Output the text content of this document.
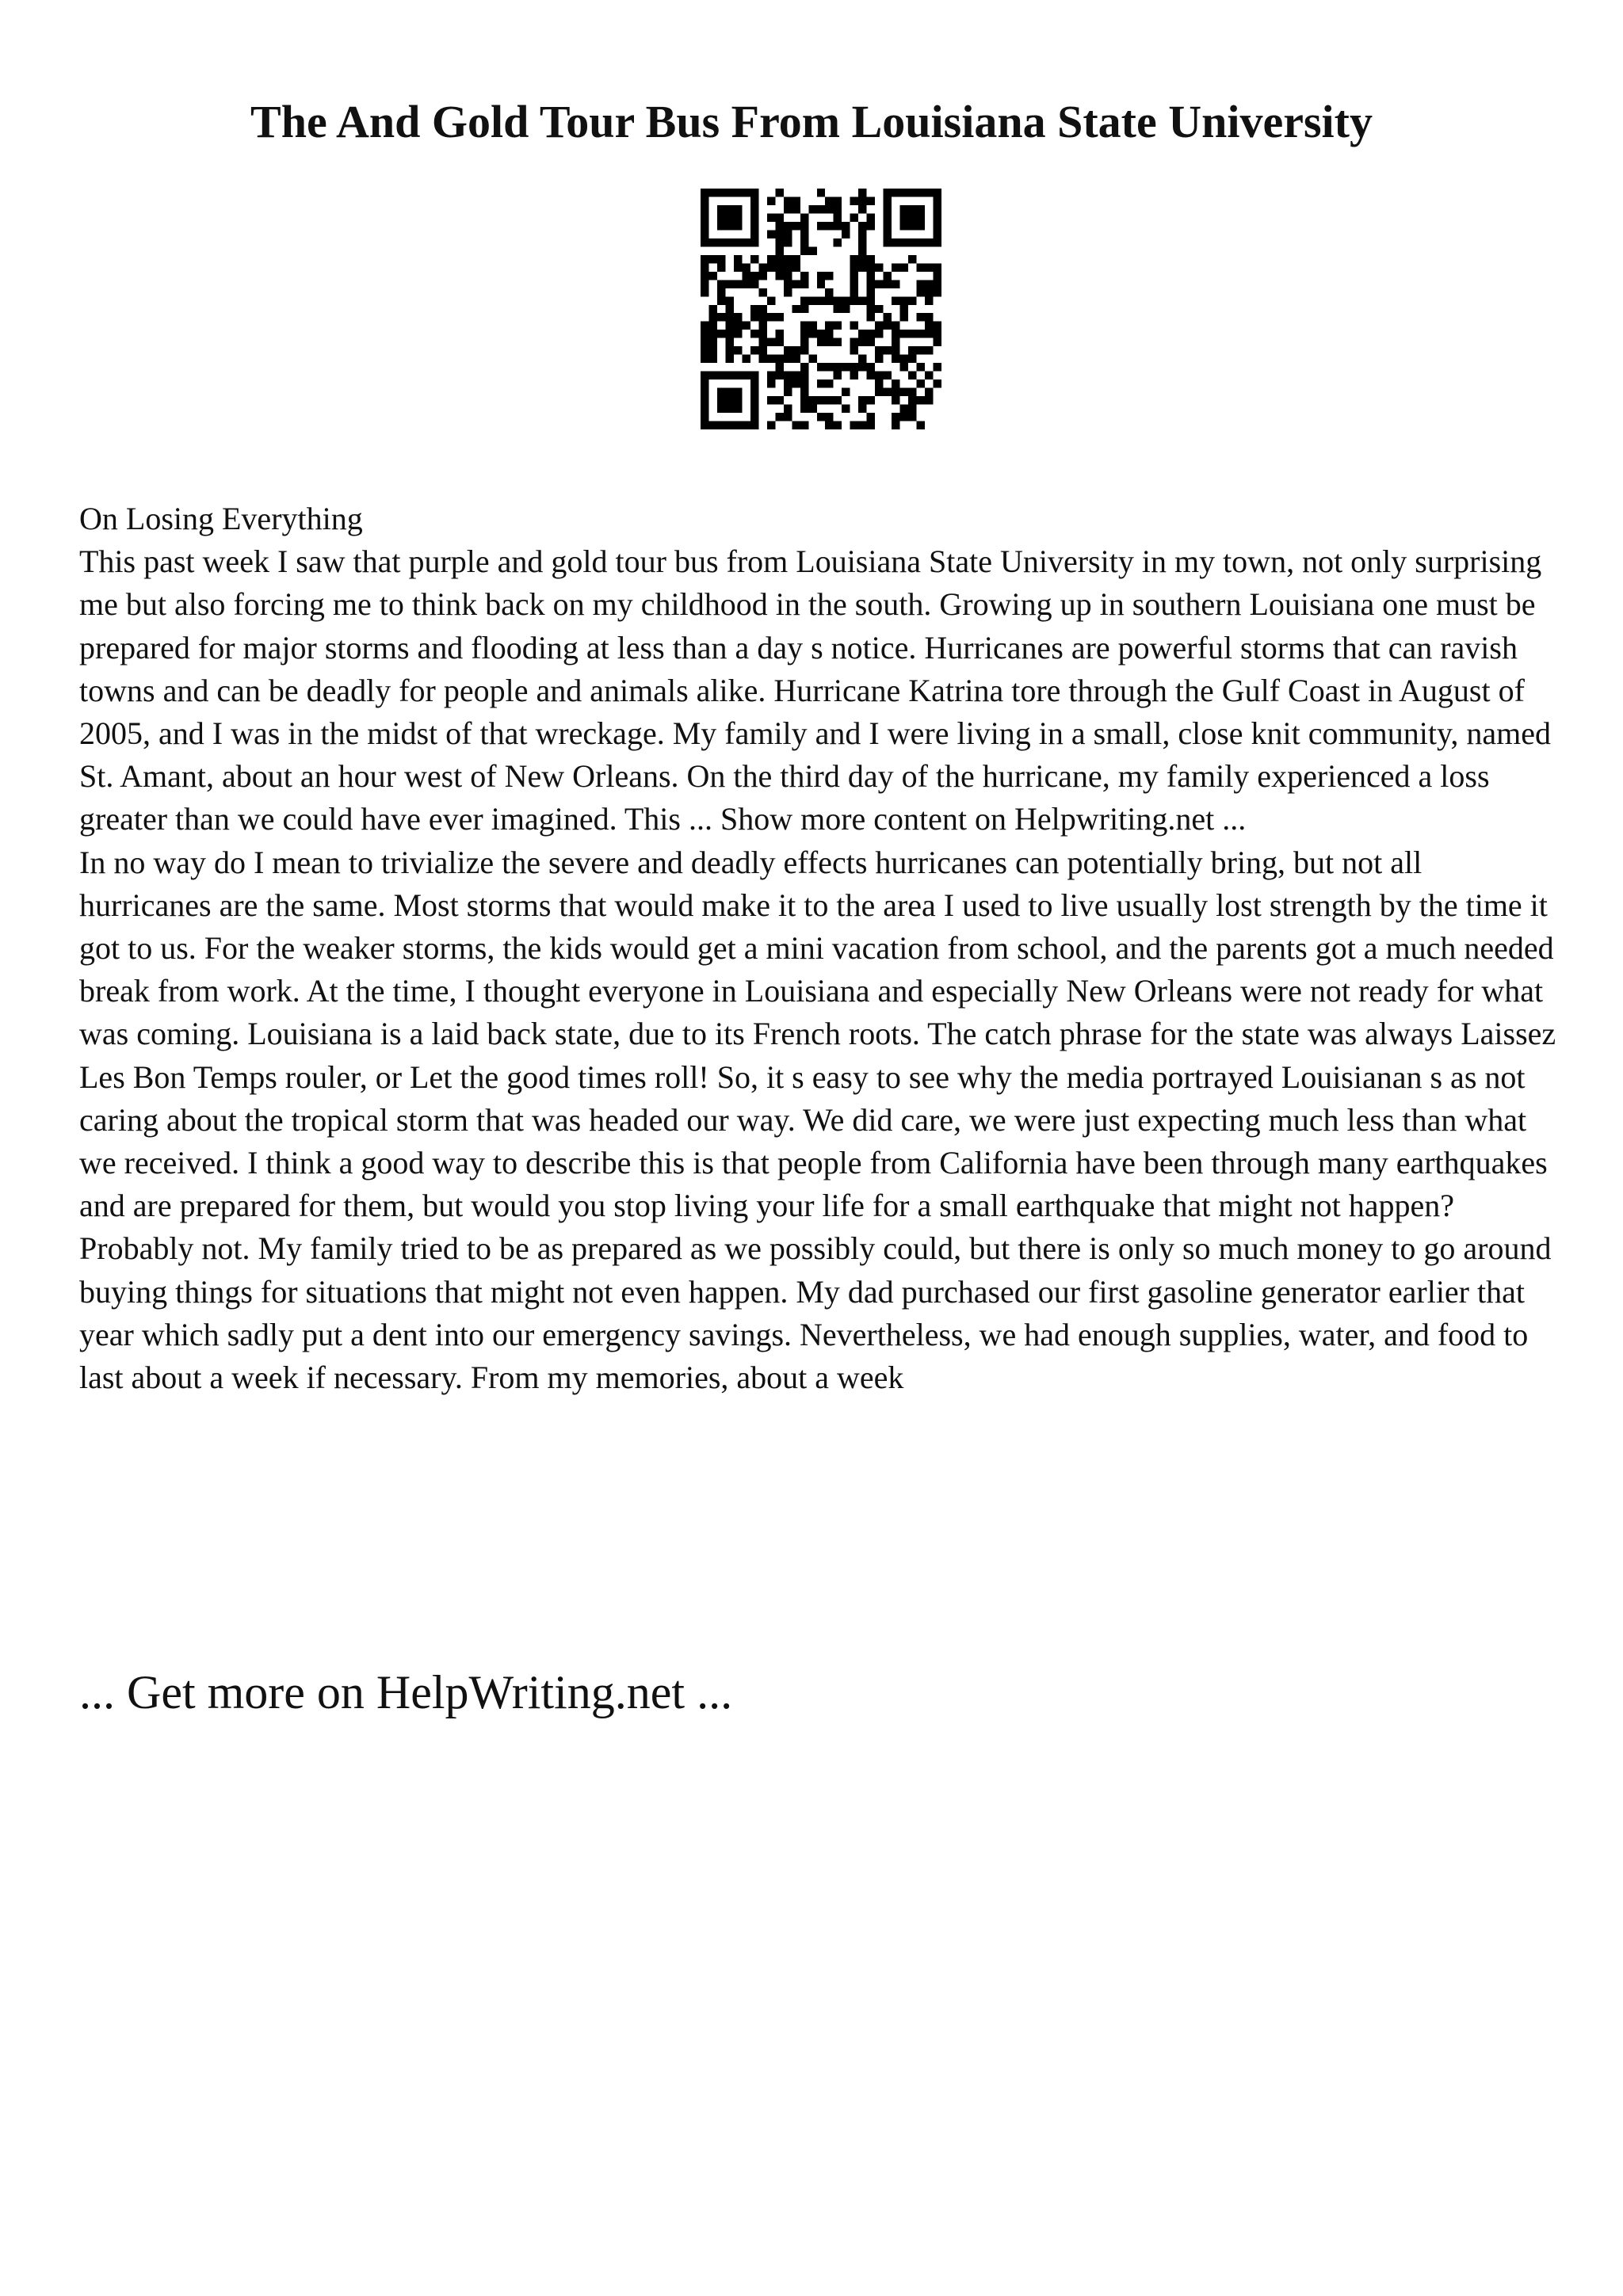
The And Gold Tour Bus From Louisiana State University

On Losing Everything

This past week I saw that purple and gold tour bus from Louisiana State University in my town, not only surprising me but also forcing me to think back on my childhood in the south. Growing up in southern Louisiana one must be prepared for major storms and flooding at less than a day s notice. Hurricanes are powerful storms that can ravish towns and can be deadly for people and animals alike. Hurricane Katrina tore through the Gulf Coast in August of 2005, and I was in the midst of that wreckage. My family and I were living in a small, close knit community, named St. Amant, about an hour west of New Orleans. On the third day of the hurricane, my family experienced a loss greater than we could have ever imagined. This ... Show more content on Helpwriting.net ...

In no way do I mean to trivialize the severe and deadly effects hurricanes can potentially bring, but not all hurricanes are the same. Most storms that would make it to the area I used to live usually lost strength by the time it got to us. For the weaker storms, the kids would get a mini vacation from school, and the parents got a much needed break from work. At the time, I thought everyone in Louisiana and especially New Orleans were not ready for what was coming. Louisiana is a laid back state, due to its French roots. The catch phrase for the state was always Laissez Les Bon Temps rouler, or Let the good times roll! So, it s easy to see why the media portrayed Louisianan s as not caring about the tropical storm that was headed our way. We did care, we were just expecting much less than what we received. I think a good way to describe this is that people from California have been through many earthquakes and are prepared for them, but would you stop living your life for a small earthquake that might not happen? Probably not. My family tried to be as prepared as we possibly could, but there is only so much money to go around buying things for situations that might not even happen. My dad purchased our first gasoline generator earlier that year which sadly put a dent into our emergency savings. Nevertheless, we had enough supplies, water, and food to last about a week if necessary. From my memories, about a week

... Get more on HelpWriting.net ...
